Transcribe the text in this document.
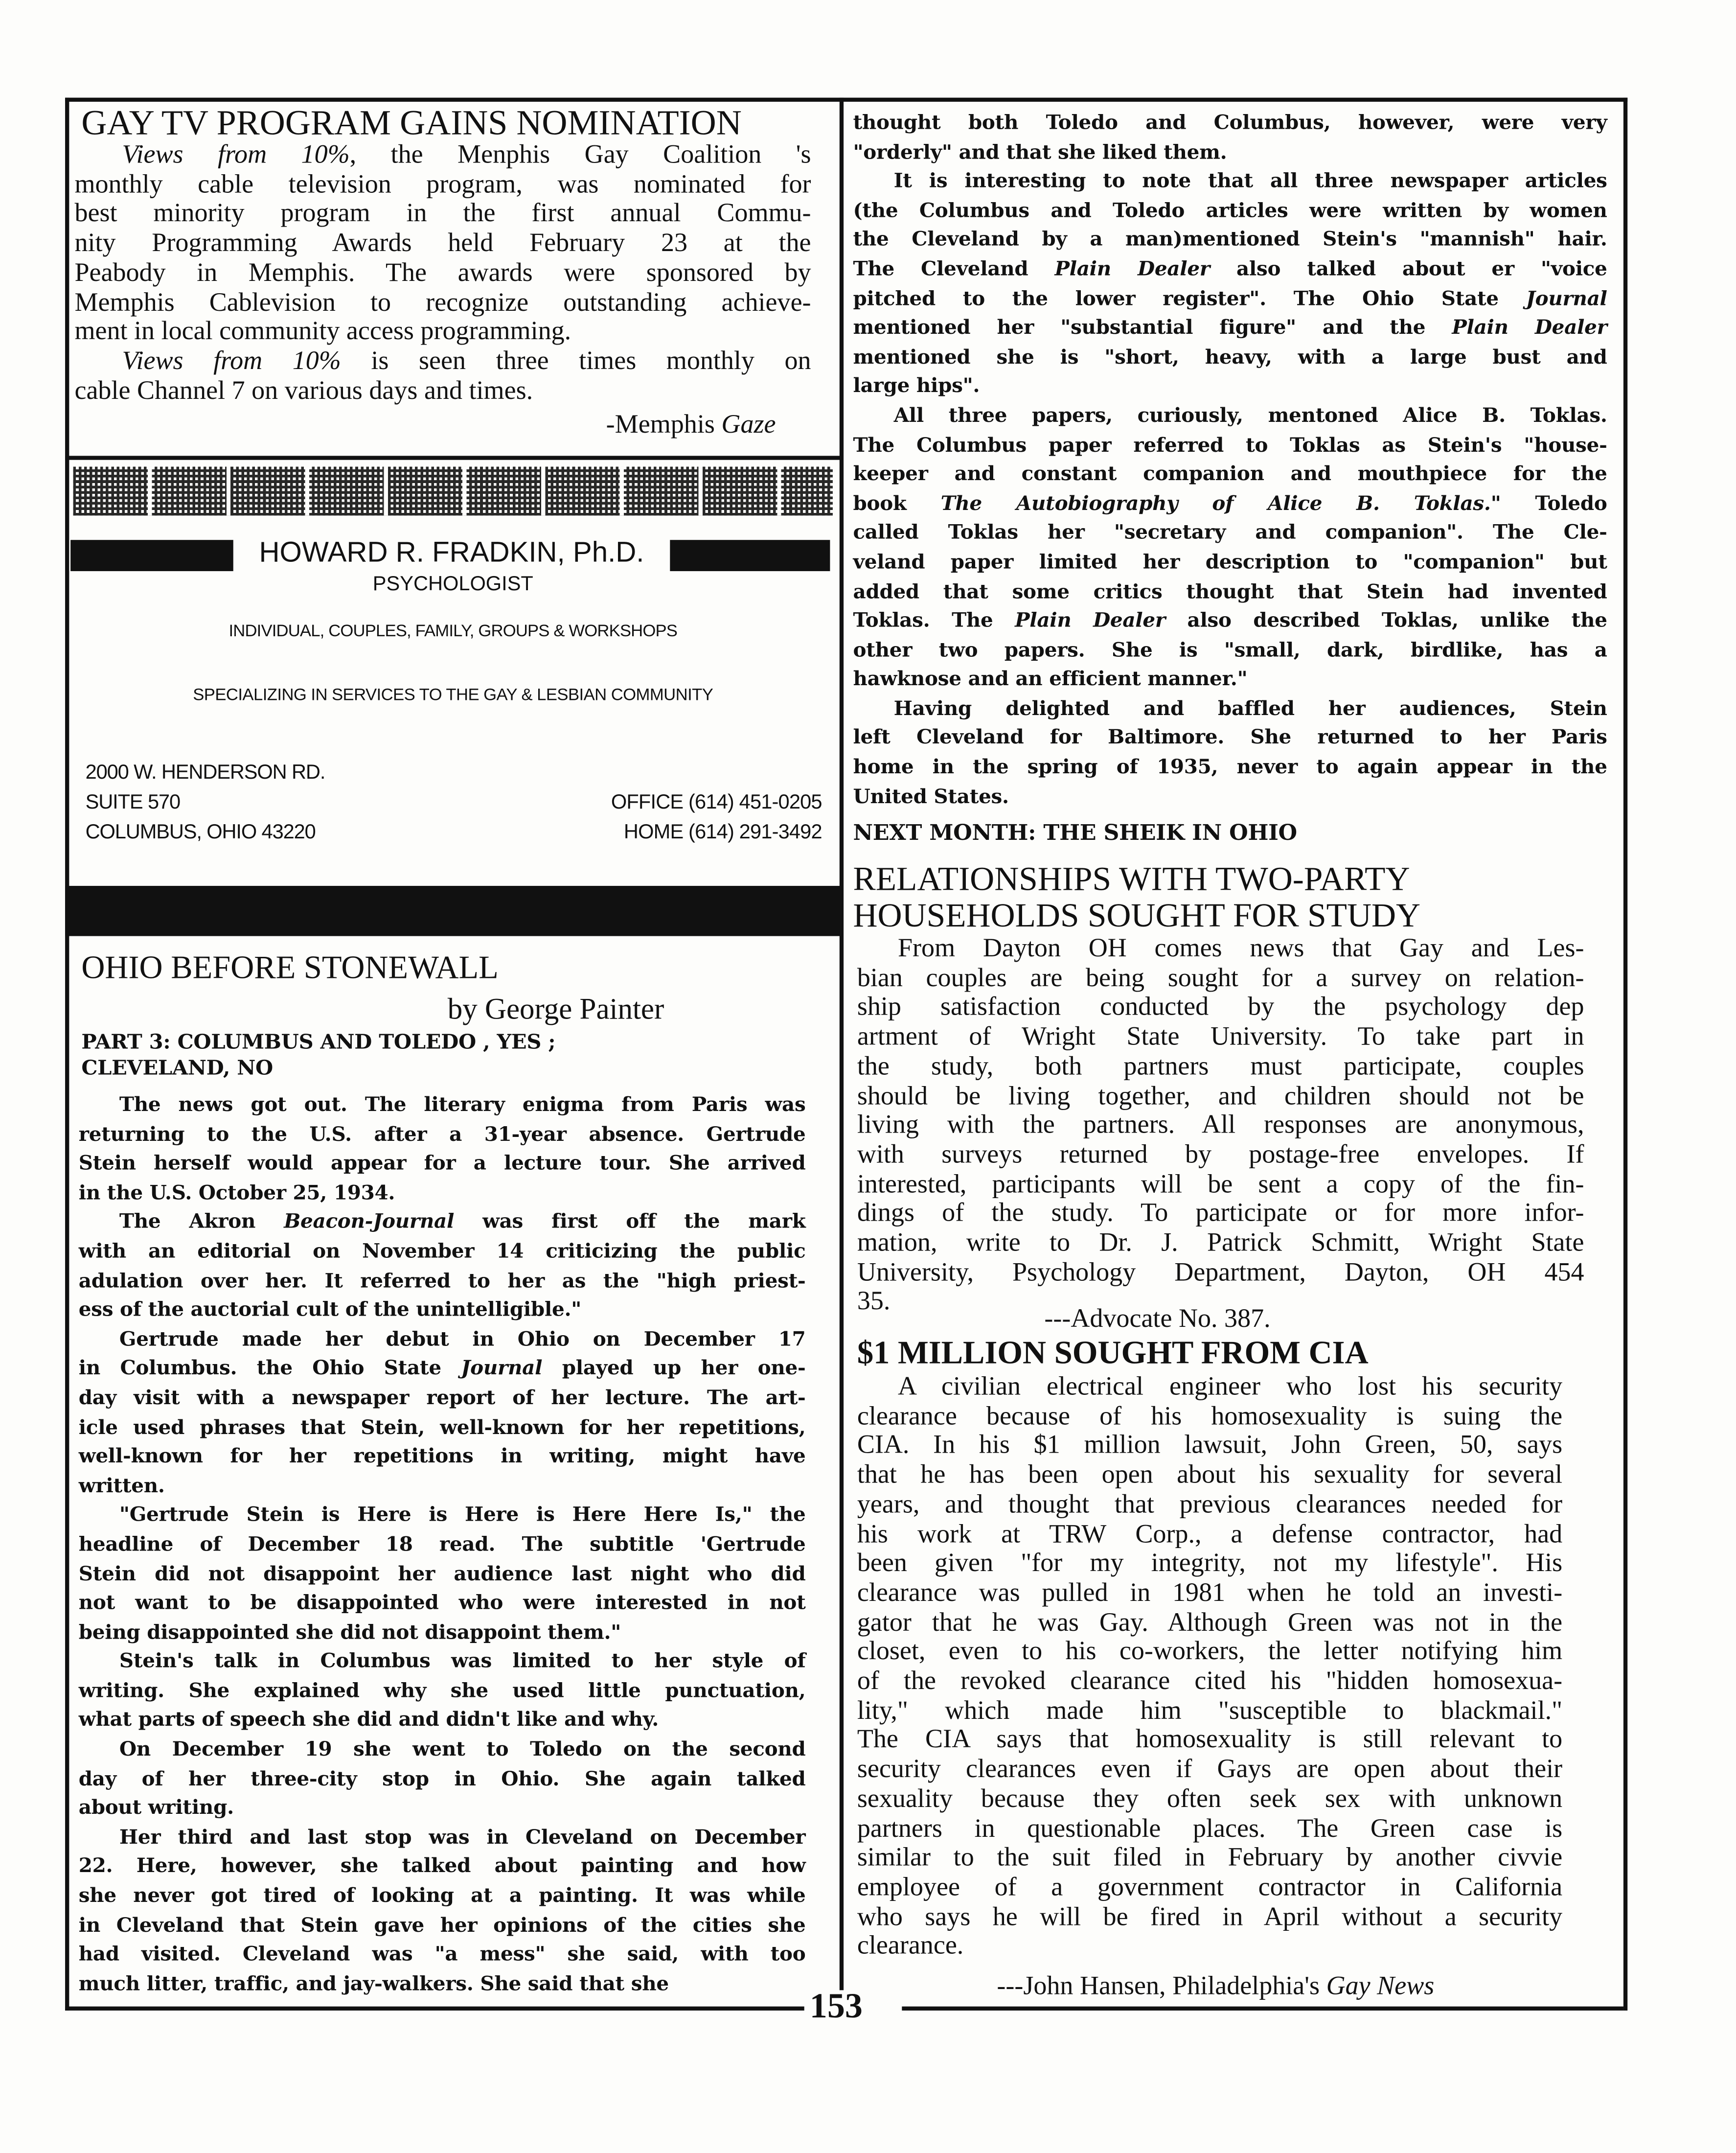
GAY TV PROGRAM GAINS NOMINATION
Views from 10%, the Menphis Gay Coalition 's
monthly cable television program, was nominated for
best minority program in the first annual Commu-
nity Programming Awards held February 23 at the
Peabody in Memphis. The awards were sponsored by
Memphis Cablevision to recognize outstanding achieve-
ment in local community access programming.
Views from 10% is seen three times monthly on
cable Channel 7 on various days and times.
-Memphis Gaze
HOWARD R. FRADKIN, Ph.D.
PSYCHOLOGIST
INDIVIDUAL, COUPLES, FAMILY, GROUPS & WORKSHOPS
SPECIALIZING IN SERVICES TO THE GAY & LESBIAN COMMUNITY
2000 W. HENDERSON RD.
SUITE 570
COLUMBUS, OHIO 43220
OFFICE (614) 451-0205
HOME (614) 291-3492
OHIO BEFORE STONEWALL
by George Painter
PART 3: COLUMBUS AND TOLEDO , YES ;
CLEVELAND, NO
The news got out. The literary enigma from Paris was
returning to the U.S. after a 31-year absence. Gertrude
Stein herself would appear for a lecture tour. She arrived
in the U.S. October 25, 1934.
The Akron Beacon-Journal was first off the mark
with an editorial on November 14 criticizing the public
adulation over her. It referred to her as the "high priest-
ess of the auctorial cult of the unintelligible."
Gertrude made her debut in Ohio on December 17
in Columbus. the Ohio State Journal played up her one-
day visit with a newspaper report of her lecture. The art-
icle used phrases that Stein, well-known for her repetitions,
well-known for her repetitions in writing, might have
written.
"Gertrude Stein is Here is Here is Here Here Is," the
headline of December 18 read. The subtitle 'Gertrude
Stein did not disappoint her audience last night who did
not want to be disappointed who were interested in not
being disappointed she did not disappoint them."
Stein's talk in Columbus was limited to her style of
writing. She explained why she used little punctuation,
what parts of speech she did and didn't like and why.
On December 19 she went to Toledo on the second
day of her three-city stop in Ohio. She again talked
about writing.
Her third and last stop was in Cleveland on December
22. Here, however, she talked about painting and how
she never got tired of looking at a painting. It was while
in Cleveland that Stein gave her opinions of the cities she
had visited. Cleveland was "a mess" she said, with too
much litter, traffic, and jay-walkers. She said that she
thought both Toledo and Columbus, however, were very
"orderly" and that she liked them.
It is interesting to note that all three newspaper articles
(the Columbus and Toledo articles were written by women
the Cleveland by a man)mentioned Stein's "mannish" hair.
The Cleveland Plain Dealer also talked about er "voice
pitched to the lower register". The Ohio State Journal
mentioned her "substantial figure" and the Plain Dealer
mentioned she is "short, heavy, with a large bust and
large hips".
All three papers, curiously, mentoned Alice B. Toklas.
The Columbus paper referred to Toklas as Stein's "house-
keeper and constant companion and mouthpiece for the
book The Autobiography of Alice B. Toklas." Toledo
called Toklas her "secretary and companion". The Cle-
veland paper limited her description to "companion" but
added that some critics thought that Stein had invented
Toklas. The Plain Dealer also described Toklas, unlike the
other two papers. She is "small, dark, birdlike, has a
hawknose and an efficient manner."
Having delighted and baffled her audiences, Stein
left Cleveland for Baltimore. She returned to her Paris
home in the spring of 1935, never to again appear in the
United States.
NEXT MONTH: THE SHEIK IN OHIO
RELATIONSHIPS WITH TWO-PARTY
HOUSEHOLDS SOUGHT FOR STUDY
From Dayton OH comes news that Gay and Les-
bian couples are being sought for a survey on relation-
ship satisfaction conducted by the psychology dep
artment of Wright State University. To take part in
the study, both partners must participate, couples
should be living together, and children should not be
living with the partners. All responses are anonymous,
with surveys returned by postage-free envelopes. If
interested, participants will be sent a copy of the fin-
dings of the study. To participate or for more infor-
mation, write to Dr. J. Patrick Schmitt, Wright State
University, Psychology Department, Dayton, OH 454
35.
---Advocate No. 387.
$1 MILLION SOUGHT FROM CIA
A civilian electrical engineer who lost his security
clearance because of his homosexuality is suing the
CIA. In his $1 million lawsuit, John Green, 50, says
that he has been open about his sexuality for several
years, and thought that previous clearances needed for
his work at TRW Corp., a defense contractor, had
been given "for my integrity, not my lifestyle". His
clearance was pulled in 1981 when he told an investi-
gator that he was Gay. Although Green was not in the
closet, even to his co-workers, the letter notifying him
of the revoked clearance cited his "hidden homosexua-
lity," which made him "susceptible to blackmail."
The CIA says that homosexuality is still relevant to
security clearances even if Gays are open about their
sexuality because they often seek sex with unknown
partners in questionable places. The Green case is
similar to the suit filed in February by another civvie
employee of a government contractor in California
who says he will be fired in April without a security
clearance.
---John Hansen, Philadelphia's Gay News
153
